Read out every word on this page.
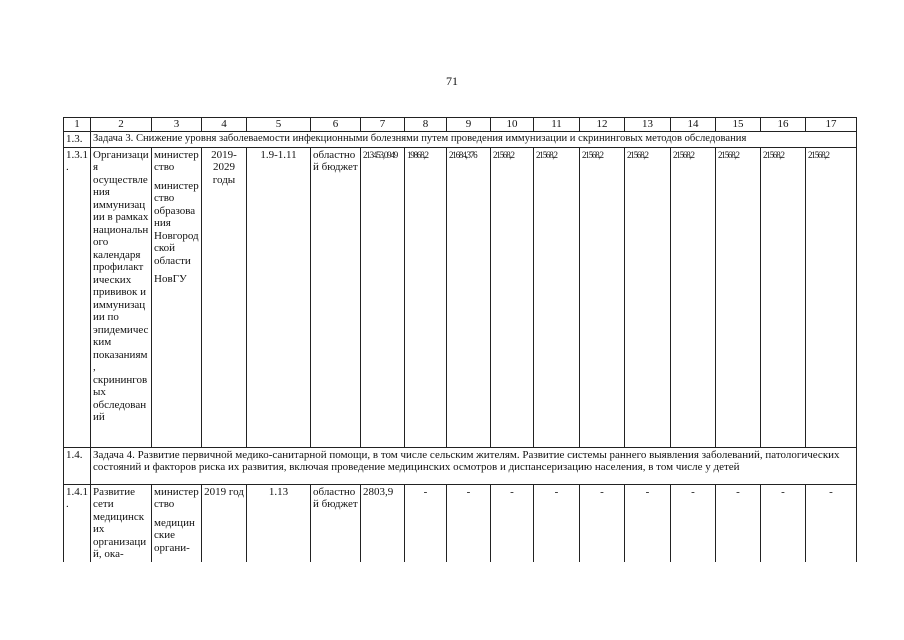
71
1	2	3	4	5	6	7	8	9	10	11	12	13	14	15	16	17
1.3.	Задача 3. Снижение уровня заболеваемости инфекционными болезнями путем проведения иммунизации и скрининговых методов обследования															
1.3.1.	Организация осуществления иммунизации в рамках национального календаря профилактических прививок и иммунизации по эпидемическим показаниям, скрининговых обследований	министерство
министерство образования Новгородской области
НовГУ	2019-2029 годы	1.9-1.11	областной бюджет	213453,0949	19868,2	21684,376	21568,2	21568,2	21568,2	21568,2	21568,2	21568,2	21568,2	21568,2
1.4.	Задача 4. Развитие первичной медико-санитарной помощи, в том числе сельским жителям. Развитие системы раннего выявления заболеваний, патологических состояний и факторов риска их развития, включая проведение медицинских осмотров и диспансеризацию населения, в том числе у детей															
1.4.1.	Развитие сети медицинских организаций, ока-	министерство
медицинские органи-	2019 год	1.13	областной бюджет	2803,9	-	-	-	-	-	-	-	-	-	-
